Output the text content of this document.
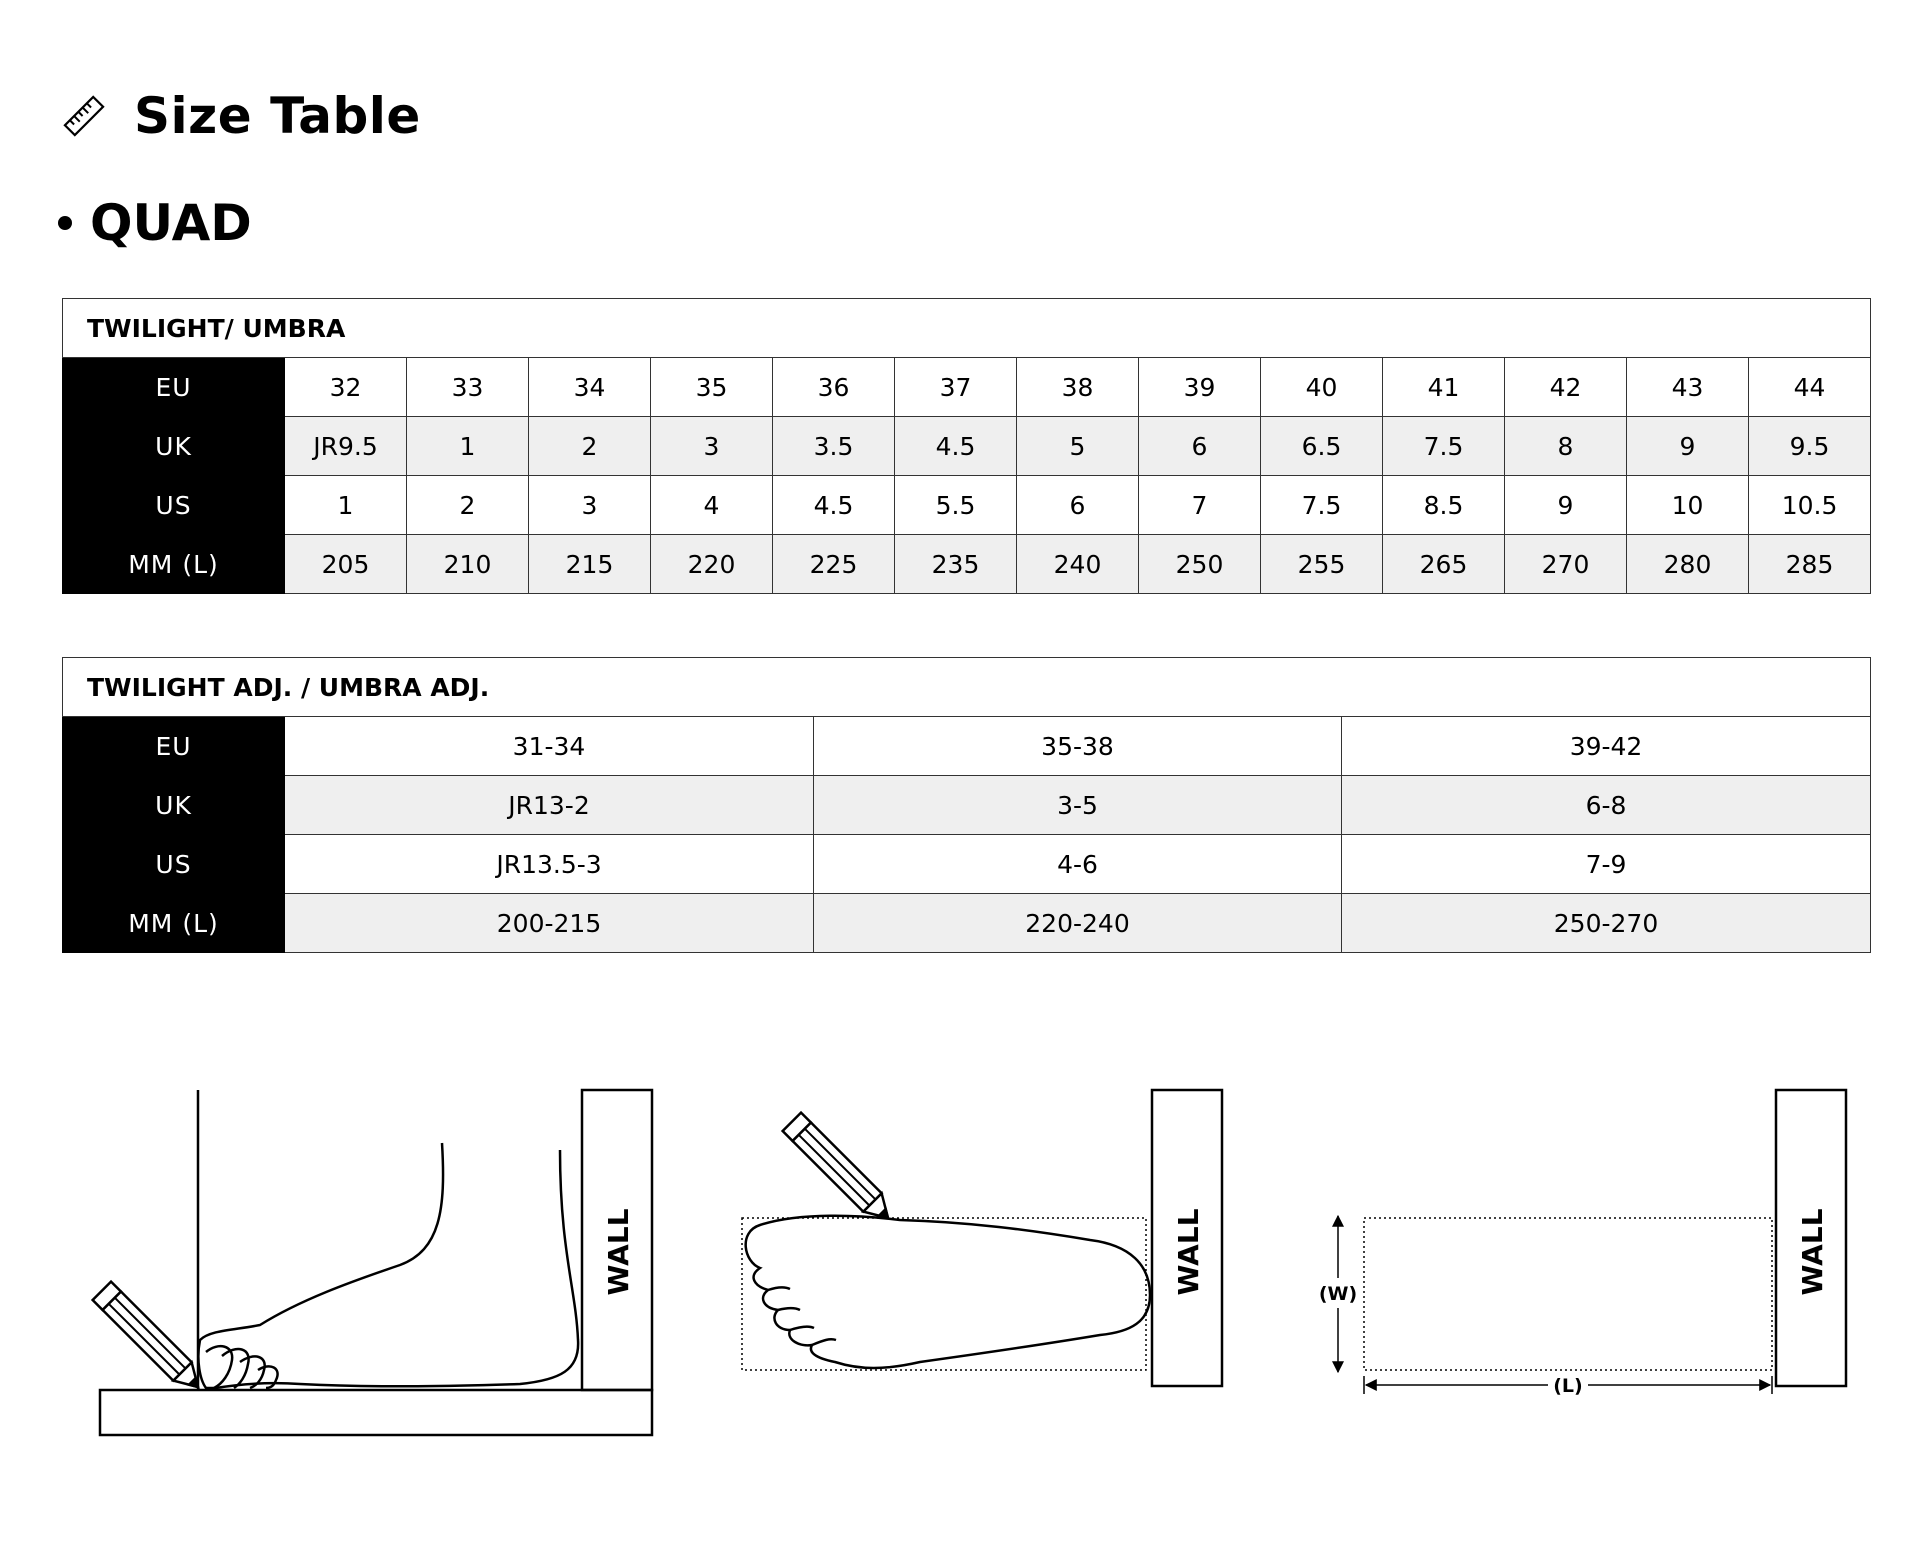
Size Table
QUAD
TWILIGHT/ UMBRA													
EU	32	33	34	35	36	37	38	39	40	41	42	43	44
UK	JR9.5	1	2	3	3.5	4.5	5	6	6.5	7.5	8	9	9.5
US	1	2	3	4	4.5	5.5	6	7	7.5	8.5	9	10	10.5
MM (L)	205	210	215	220	225	235	240	250	255	265	270	280	285
TWILIGHT ADJ. / UMBRA ADJ.			
EU	31-34	35-38	39-42
UK	JR13-2	3-5	6-8
US	JR13.5-3	4-6	7-9
MM (L)	200-215	220-240	250-270
WALL	WALL	WALL
(W)
(L)
